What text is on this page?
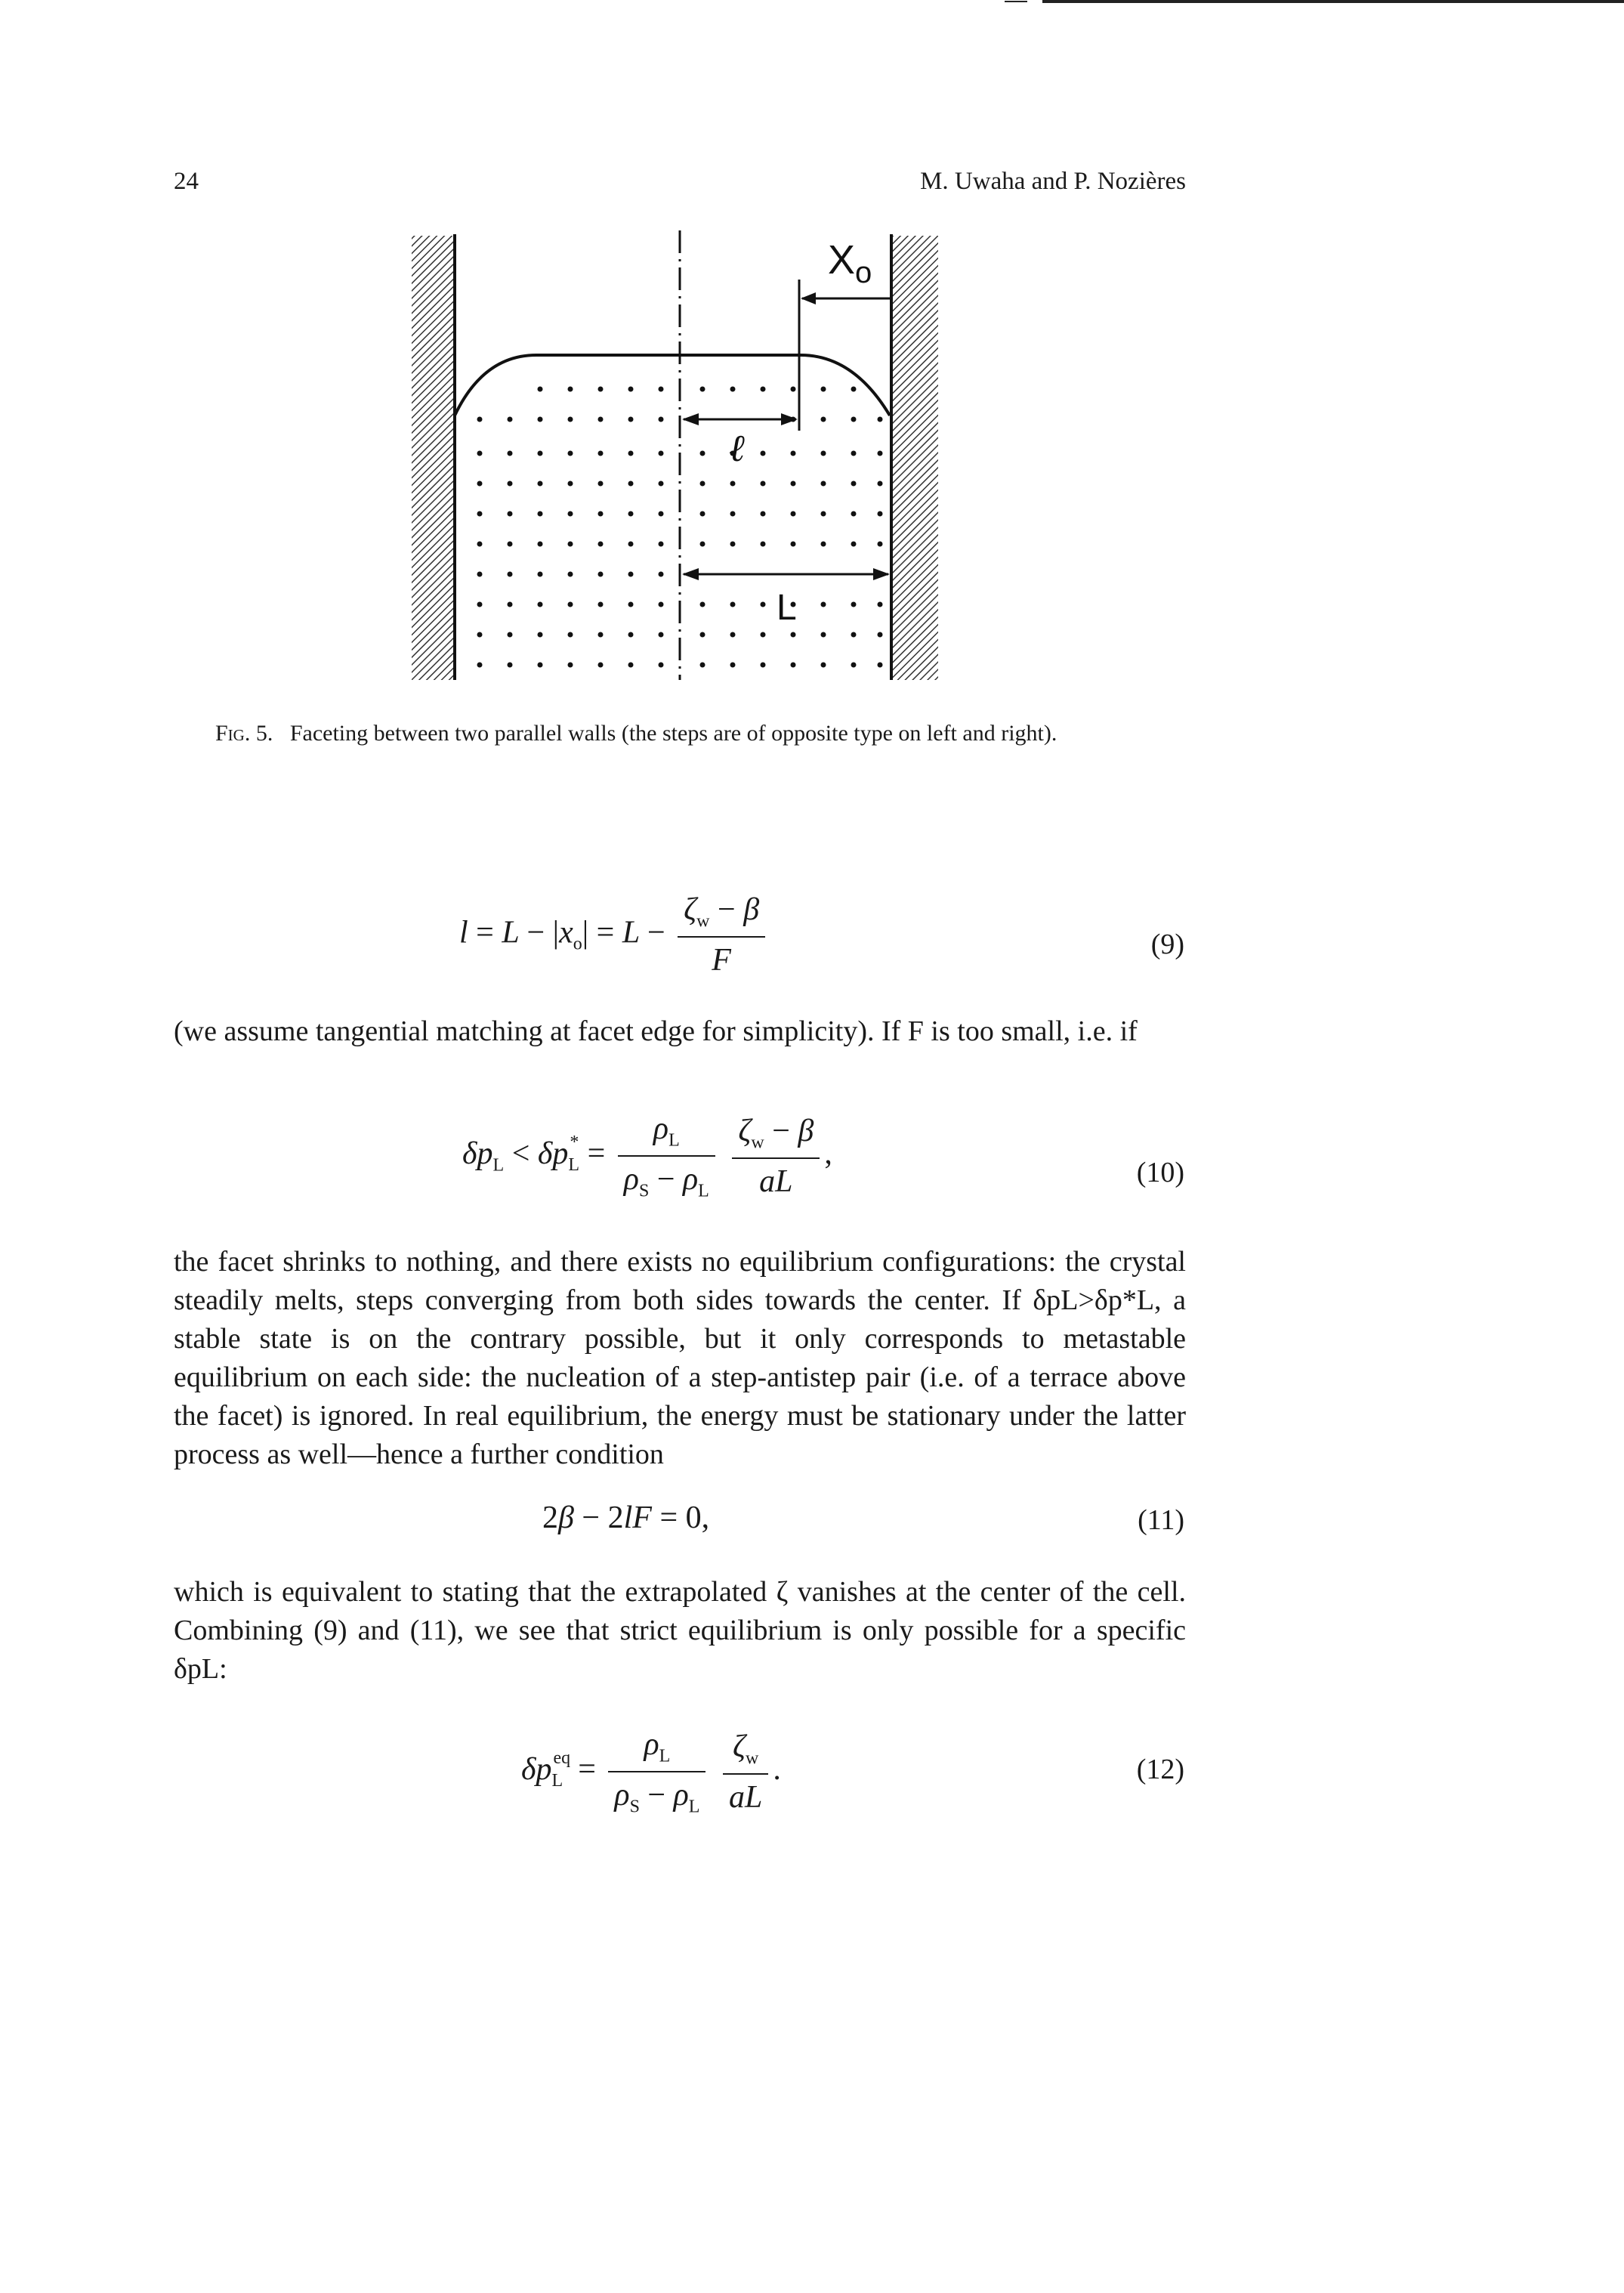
24	M. Uwaha and P. Nozières
$X_o$
ℓ
L
Fig. 5. Faceting between two parallel walls (the steps are of opposite type on left and right).
$l = L - |x_o| = L - \frac{\zeta_w - \beta}{F}$	(9)

(we assume tangential matching at facet edge for simplicity). If F is too small, i.e. if

$\delta p_L < \delta p$ $_{* L} = \frac{\rho_L}{\rho_S - \rho_L}$
$\frac{\zeta_w - \beta}{aL}$ ,
(10)

the facet shrinks to nothing, and there exists no equilibrium configurations: the crystal steadily melts, steps converging from both sides towards the center. If δpL>δp*L, a stable state is on the contrary possible, but it only corresponds to metastable equilibrium on each side: the nucleation of a step-antistep pair (i.e. of a terrace above the facet) is ignored. In real equilibrium, the energy must be stationary under the latter process as well—hence a further condition

2β − 2lF = 0,	(11)

which is equivalent to stating that the extrapolated ζ vanishes at the center of the cell. Combining (9) and (11), we see that strict equilibrium is only possible for a specific δpL:

δp $_{eq L} = \frac{\rho_L}{\rho_S - \rho_L}$
$\frac{\zeta_w}{aL}$ .	(12)
